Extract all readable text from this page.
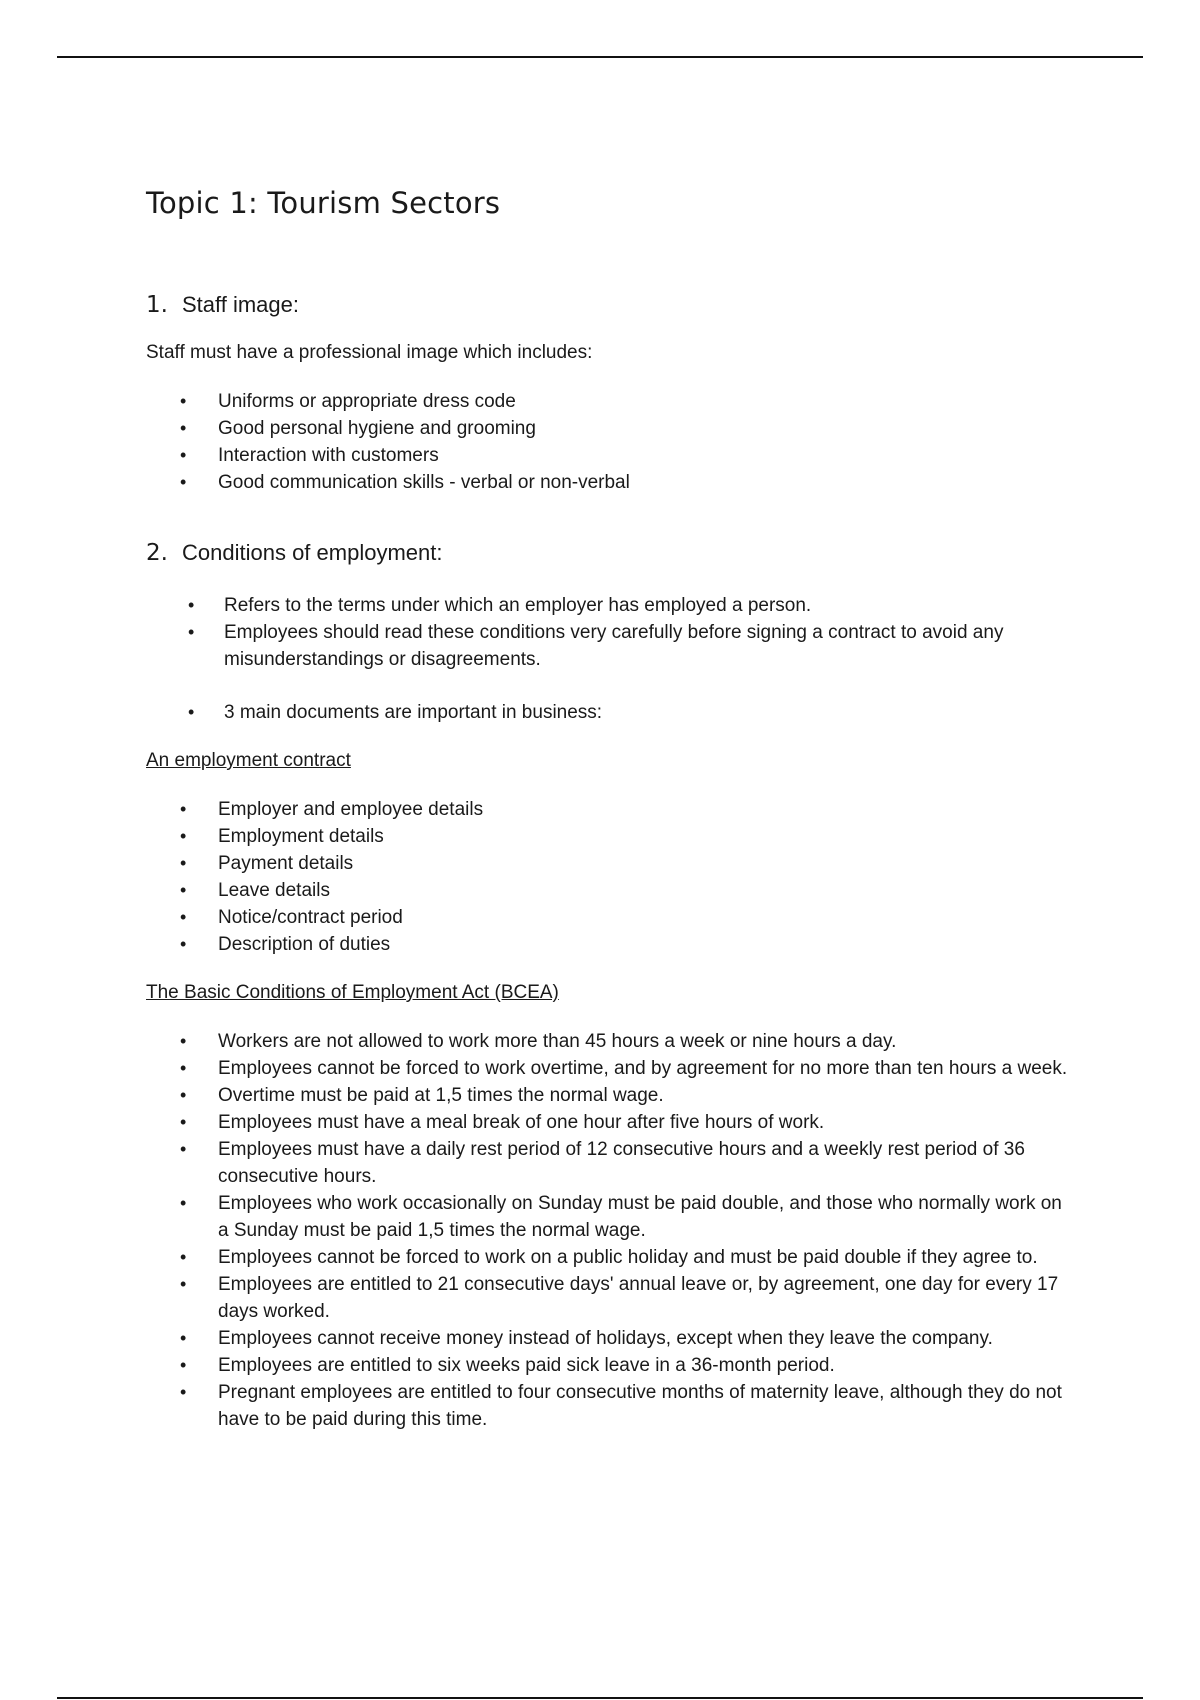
Topic 1: Tourism Sectors
1. Staff image:

Staff must have a professional image which includes:

• Uniforms or appropriate dress code
• Good personal hygiene and grooming
• Interaction with customers
• Good communication skills - verbal or non-verbal
2. Conditions of employment:
• Refers to the terms under which an employer has employed a person.
• Employees should read these conditions very carefully before signing a contract to avoid any misunderstandings or disagreements.
• 3 main documents are important in business:

An employment contract

• Employer and employee details
• Employment details
• Payment details
• Leave details
• Notice/contract period
• Description of duties

The Basic Conditions of Employment Act (BCEA)

• Workers are not allowed to work more than 45 hours a week or nine hours a day.
• Employees cannot be forced to work overtime, and by agreement for no more than ten hours a week.
• Overtime must be paid at 1,5 times the normal wage.
• Employees must have a meal break of one hour after five hours of work.
• Employees must have a daily rest period of 12 consecutive hours and a weekly rest period of 36 consecutive hours.
• Employees who work occasionally on Sunday must be paid double, and those who normally work on a Sunday must be paid 1,5 times the normal wage.
• Employees cannot be forced to work on a public holiday and must be paid double if they agree to.
• Employees are entitled to 21 consecutive days' annual leave or, by agreement, one day for every 17 days worked.
• Employees cannot receive money instead of holidays, except when they leave the company.
• Employees are entitled to six weeks paid sick leave in a 36-month period.
• Pregnant employees are entitled to four consecutive months of maternity leave, although they do not have to be paid during this time.
